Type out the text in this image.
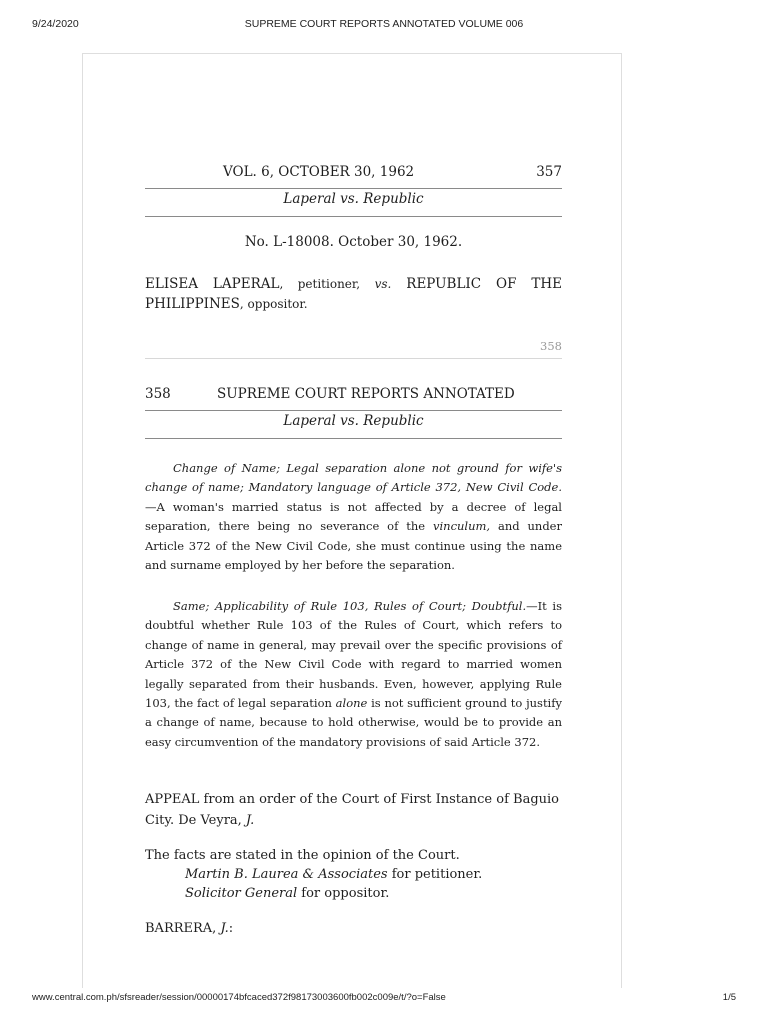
9/24/2020	SUPREME COURT REPORTS ANNOTATED VOLUME 006
VOL. 6, OCTOBER 30, 1962	357
Laperal vs. Republic
No. L-18008. October 30, 1962.

ELISEA LAPERAL, petitioner, vs. REPUBLIC OF THE PHILIPPINES, oppositor.

358
358	SUPREME COURT REPORTS ANNOTATED
Laperal vs. Republic

Change of Name; Legal separation alone not ground for wife's change of name; Mandatory language of Article 372, New Civil Code.—A woman's married status is not affected by a decree of legal separation, there being no severance of the vinculum, and under Article 372 of the New Civil Code, she must continue using the name and surname employed by her before the separation.

Same; Applicability of Rule 103, Rules of Court; Doubtful.—It is doubtful whether Rule 103 of the Rules of Court, which refers to change of name in general, may prevail over the specific provisions of Article 372 of the New Civil Code with regard to married women legally separated from their husbands. Even, however, applying Rule 103, the fact of legal separation alone is not sufficient ground to justify a change of name, because to hold otherwise, would be to provide an easy circumvention of the mandatory provisions of said Article 372.

APPEAL from an order of the Court of First Instance of Baguio City. De Veyra, J.

The facts are stated in the opinion of the Court.
Martin B. Laurea & Associates for petitioner.
Solicitor General for oppositor.
BARRERA, J.:
www.central.com.ph/sfsreader/session/00000174bfcaced372f98173003600fb002c009e/t/?o=False	1/5
